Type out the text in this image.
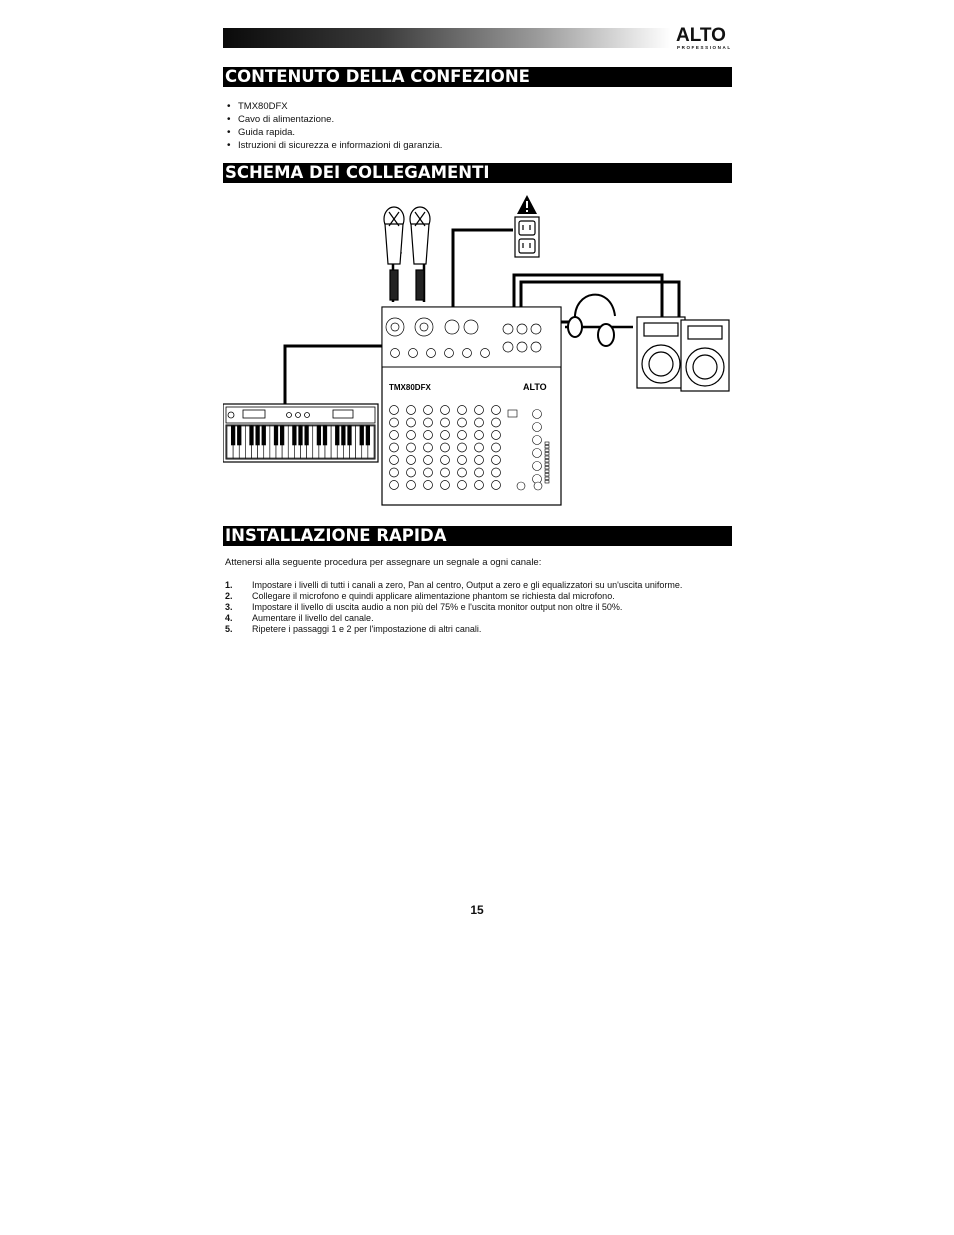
ALTO
PROFESSIONAL
CONTENUTO DELLA CONFEZIONE
• TMX80DFX
• Cavo di alimentazione.
• Guida rapida.
• Istruzioni di sicurezza e informazioni di garanzia.
SCHEMA DEI COLLEGAMENTI
TMX80DFX	ALTO
INSTALLAZIONE RAPIDA
Attenersi alla seguente procedura per assegnare un segnale a ogni canale:
1. Impostare i livelli di tutti i canali a zero, Pan al centro, Output a zero e gli equalizzatori su un'uscita uniforme.
2. Collegare il microfono e quindi applicare alimentazione phantom se richiesta dal microfono.
3. Impostare il livello di uscita audio a non più del 75% e l'uscita monitor output non oltre il 50%.
4. Aumentare il livello del canale.
5. Ripetere i passaggi 1 e 2 per l'impostazione di altri canali.
15
